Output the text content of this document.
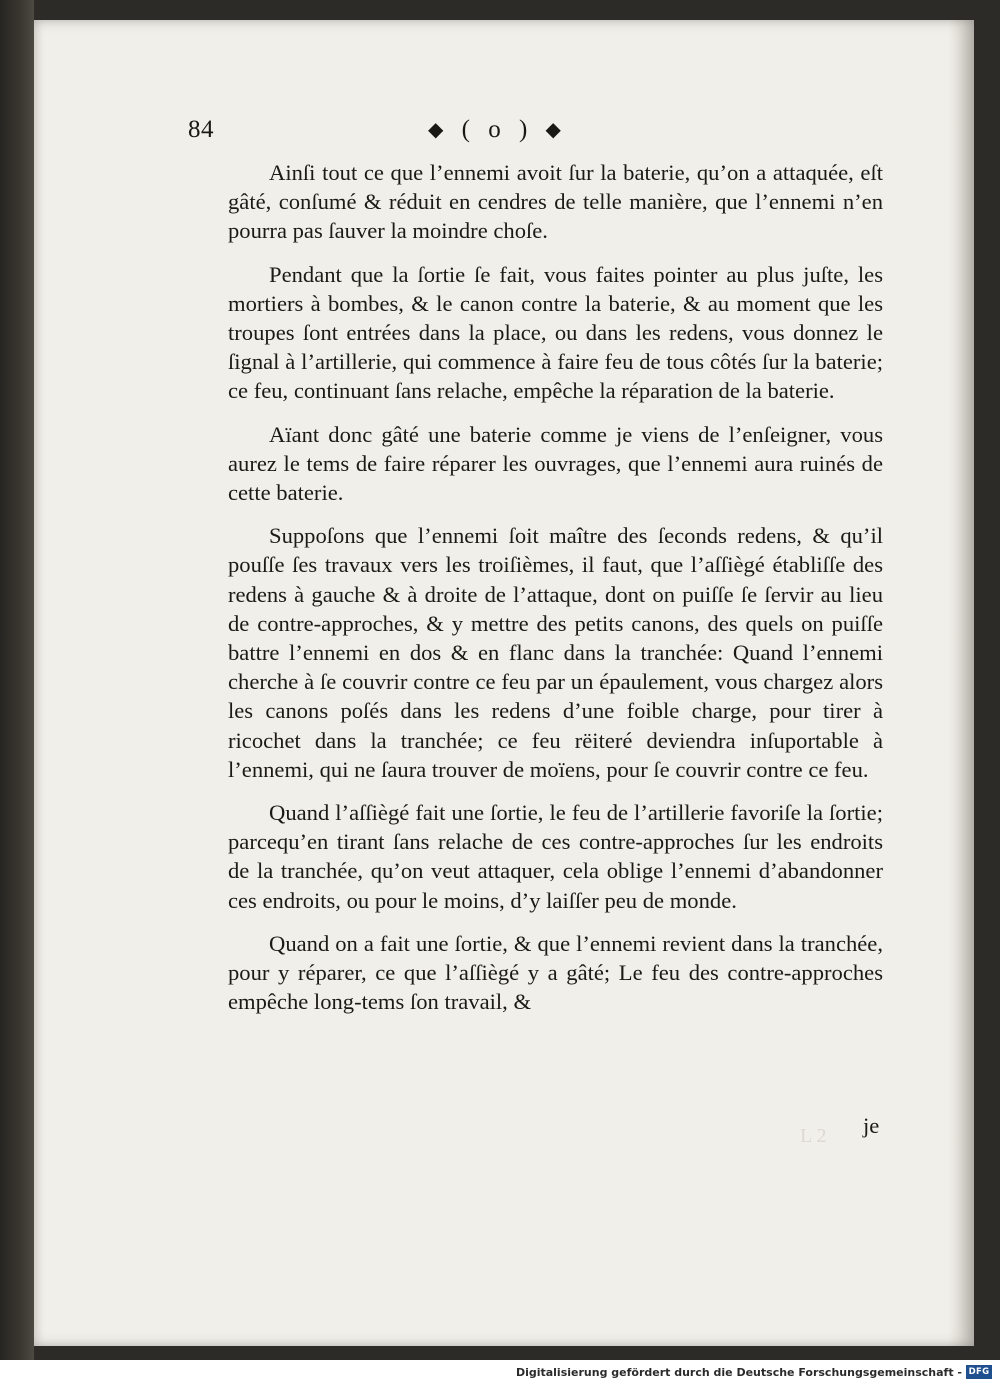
84	◆ ( o ) ◆

Ainſi tout ce que l’ennemi avoit ſur la baterie, qu’on a attaquée, eſt gâté, conſumé & réduit en cendres de telle manière, que l’ennemi n’en pourra pas ſauver la moindre choſe.

Pendant que la ſortie ſe fait, vous faites pointer au plus juſte, les mortiers à bombes, & le canon contre la baterie, & au moment que les troupes ſont entrées dans la place, ou dans les redens, vous donnez le ſignal à l’artillerie, qui commence à faire feu de tous côtés ſur la baterie; ce feu, continuant ſans relache, empêche la réparation de la baterie.

Aïant donc gâté une baterie comme je viens de l’enſeigner, vous aurez le tems de faire réparer les ouvrages, que l’ennemi aura ruinés de cette baterie.

Suppoſons que l’ennemi ſoit maître des ſeconds redens, & qu’il pouſſe ſes travaux vers les troiſièmes, il faut, que l’aſſiègé établiſſe des redens à gauche & à droite de l’attaque, dont on puiſſe ſe ſervir au lieu de contre-approches, & y mettre des petits canons, des quels on puiſſe battre l’ennemi en dos & en flanc dans la tranchée: Quand l’ennemi cherche à ſe couvrir contre ce feu par un épaulement, vous chargez alors les canons poſés dans les redens d’une foible charge, pour tirer à ricochet dans la tranchée; ce feu rëiteré deviendra inſuportable à l’ennemi, qui ne ſaura trouver de moïens, pour ſe couvrir contre ce feu.

Quand l’aſſiègé fait une ſortie, le feu de l’artillerie favoriſe la ſortie; parcequ’en tirant ſans relache de ces contre-approches ſur les endroits de la tranchée, qu’on veut attaquer, cela oblige l’ennemi d’abandonner ces endroits, ou pour le moins, d’y laiſſer peu de monde.

Quand on a fait une ſortie, & que l’ennemi revient dans la tranchée, pour y réparer, ce que l’aſſiègé y a gâté; Le feu des contre-approches empêche long-tems ſon travail, &

L 2 je
Digitalisierung gefördert durch die Deutsche Forschungsgemeinschaft - DFG
